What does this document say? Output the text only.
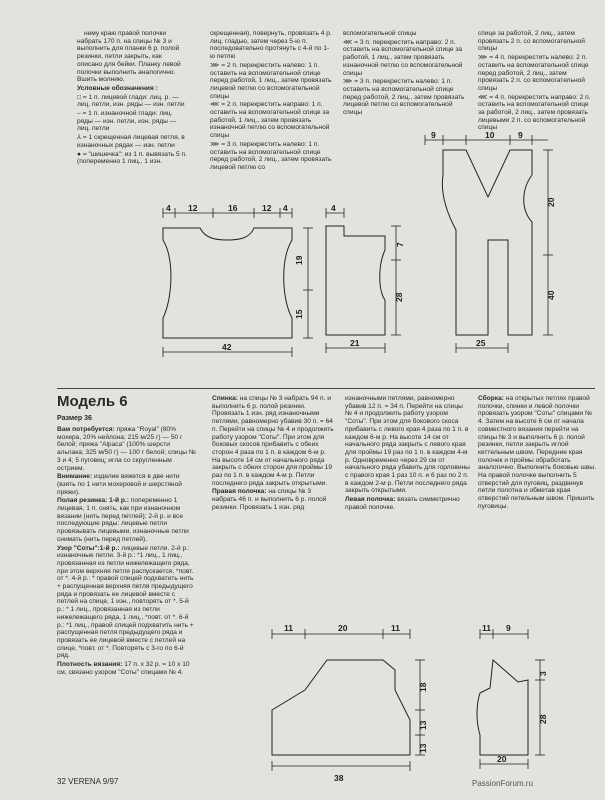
нему краю правой полочки набрать 170 п. на спицы № 3 и выполнить для планки 6 р. полой резинки, петли закрыть, как описано для бейки. Планку левой полочки выполнить аналогично. Вшить молнию.

Условные обозначения :

□ = 1 п. лицевой глади: лиц. р. — лиц. петли, изн. ряды — изн. петли

– = 1 п. изнаночной глади: лиц. ряды — изн. петли, изн. ряды — лиц. петли

⅄ = 1 скрещенная лицевая петля, в изнаночных рядах — изн. петли

● = "шишечка": из 1 п. вывязать 5 п. (попеременно 1 лиц., 1 изн.

скрещенная), повернуть, провязать 4 р. лиц. гладью, затем через 5-ю п. последовательно протянуть с 4-й по 1-ю петлю

⋙ = 2 п. перекрестить налево: 1 п. оставить на вспомогательной спице перед работой, 1 лиц., затем провязать лицевой петлю со вспомогательной спицы

⋘ = 2 п. перекрестить направо: 1 п. оставить на вспомогательной спице за работой, 1 лиц., затем провязать изнаночной петлю со вспомогательной спицы

⋙ = 3 п. перекрестить налево: 1 п. оставить на вспомогательной спице перед работой, 2 лиц., затем провязать лицевой петлю со

вспомогательной спицы

⋘ = 3 п. перекрестить направо: 2 п. оставить на вспомогательной спице за работой, 1 лиц., затем провязать изнаночной петлю со вспомогательной спицы

⋙ = 3 п. перекрестить налево: 1 п. оставить на вспомогательной спице перед работой, 2 лиц., затем провязать лицевой петлю со вспомогательной спицы

спице за работой, 2 лиц., затем провязать 2 п. со вспомогательной спицы

⋙ = 4 п. перекрестить налево: 2 п. оставить на вспомогательной спице перед работой, 2 лиц., затем провязать 2 п. со вспомогательной спицы

⋘ = 4 п. перекрестить направо: 2 п. оставить на вспомогательной спице за работой, 2 лиц., затем провязать лицевыми 2 п. со вспомогательной спицы

4 12	16	12 4
19
15
42
4
7
28
21
9	10	9
20
40
25
Модель 6
Размер 36

Вам потребуется: пряжа "Royal" (80% мохера, 20% нейлона; 215 м/25 г) — 50 г белой; пряжа "Alpaca" (100% шерсти альпака; 325 м/50 г) — 100 г белой; спицы № 3 и 4; 5 пуговиц; иглa со скругленным острием.

Внимание: изделие вяжется в две нити (взять по 1 нити мохеровой и шерстяной пряжи).

Полая резинка: 1-й р.: попеременно 1 лицевая, 1 п. снять, как при изнаночном вязании (нить перед петлей); 2-й р. и все последующие ряды: лицевые петли провязывать лицевыми, изнаночные петли снимать (нить перед петлей).

Узор "Соты":1-й р.: лицевые петли. 2-й р.: изнаночные петли. 3-й р.: *1 лиц., 1 лиц., провязанная из петли нижележащего ряда, при этом верхняя петля распускается, *повт. от *. 4-й р.: * правой спицей подхватить нить + распущенная верхняя петля предыдущего ряда и провязать ее лицевой вместе с петлей на спице, 1 изн., повторять от *. 5-й р.: * 1 лиц., провязанная из петли нижележащего ряда, 1 лиц., *повт. от *. 6-й р.: *1 лиц., правой спицей подхватить нить + распущенная петля предыдущего ряда и провязать ее лицевой вместе с петлей на спице, *повт. от *. Повторять с 3-го по 6-й ряд.

Плотность вязания: 17 п. x 32 р. = 10 x 10 см, связано узором "Соты" спицами № 4.

Спинка: на спицы № 3 набрать 94 п. и выполнить 6 р. полой резинки. Провязать 1 изн. ряд изнаночными петлями, равномерно убавив 30 п. = 64 п. Перейти на спицы № 4 и продолжить работу узором "Соты". При этом для боковых скосов прибавить с обеих сторон 4 раза по 1 п. в каждом 6-м р. На высоте 14 см от начального ряда закрыть с обеих сторон для проймы 19 раз по 1 п. в каждом 4-м р. Петли последнего ряда закрыть открытыми.

Правая полочка: на спицы № 3 набрать 46 п. и выполнить 6 р. полой резинки. Провязать 1 изн. ряд

изнаночными петлями, равномерно убавив 12 п. = 34 п. Перейти на спицы № 4 и продолжить работу узором "Соты". При этом для бокового скоса прибавить с левого края 4 раза по 1 п. в каждом 6-м р. На высоте 14 см от начального ряда закрыть с левого края для проймы 19 раз по 1 п. в каждом 4-м р. Одновременно через 29 см от начального ряда убавить для горловины с правого края 1 раз 10 п. и 6 раз по 2 п. в каждом 2-м р. Петли последнего ряда закрыть открытыми.

Левая полочка: вязать симметрично правой полочке.

Сборка: на открытых петлях правой полочки, спинки и левой полочки провязать узором "Соты" спицами № 4. Затем на высоте 6 см от начала совместного вязания перейти на спицы № 3 и выполнить 6 р. полой резинки, петли закрыть иглой кеттельным швом. Передние края полочек и проймы обработать аналогично. Выполнить боковые швы. На правой полочке выполнить 5 отверстий для пуговиц, раздвинув петли полотна и обметав края отверстий петельным швом. Пришить пуговицы.

11	20	11
18
13
13
38
11 9
3
28
20
32 VERENA 9/97	PassionForum.ru
